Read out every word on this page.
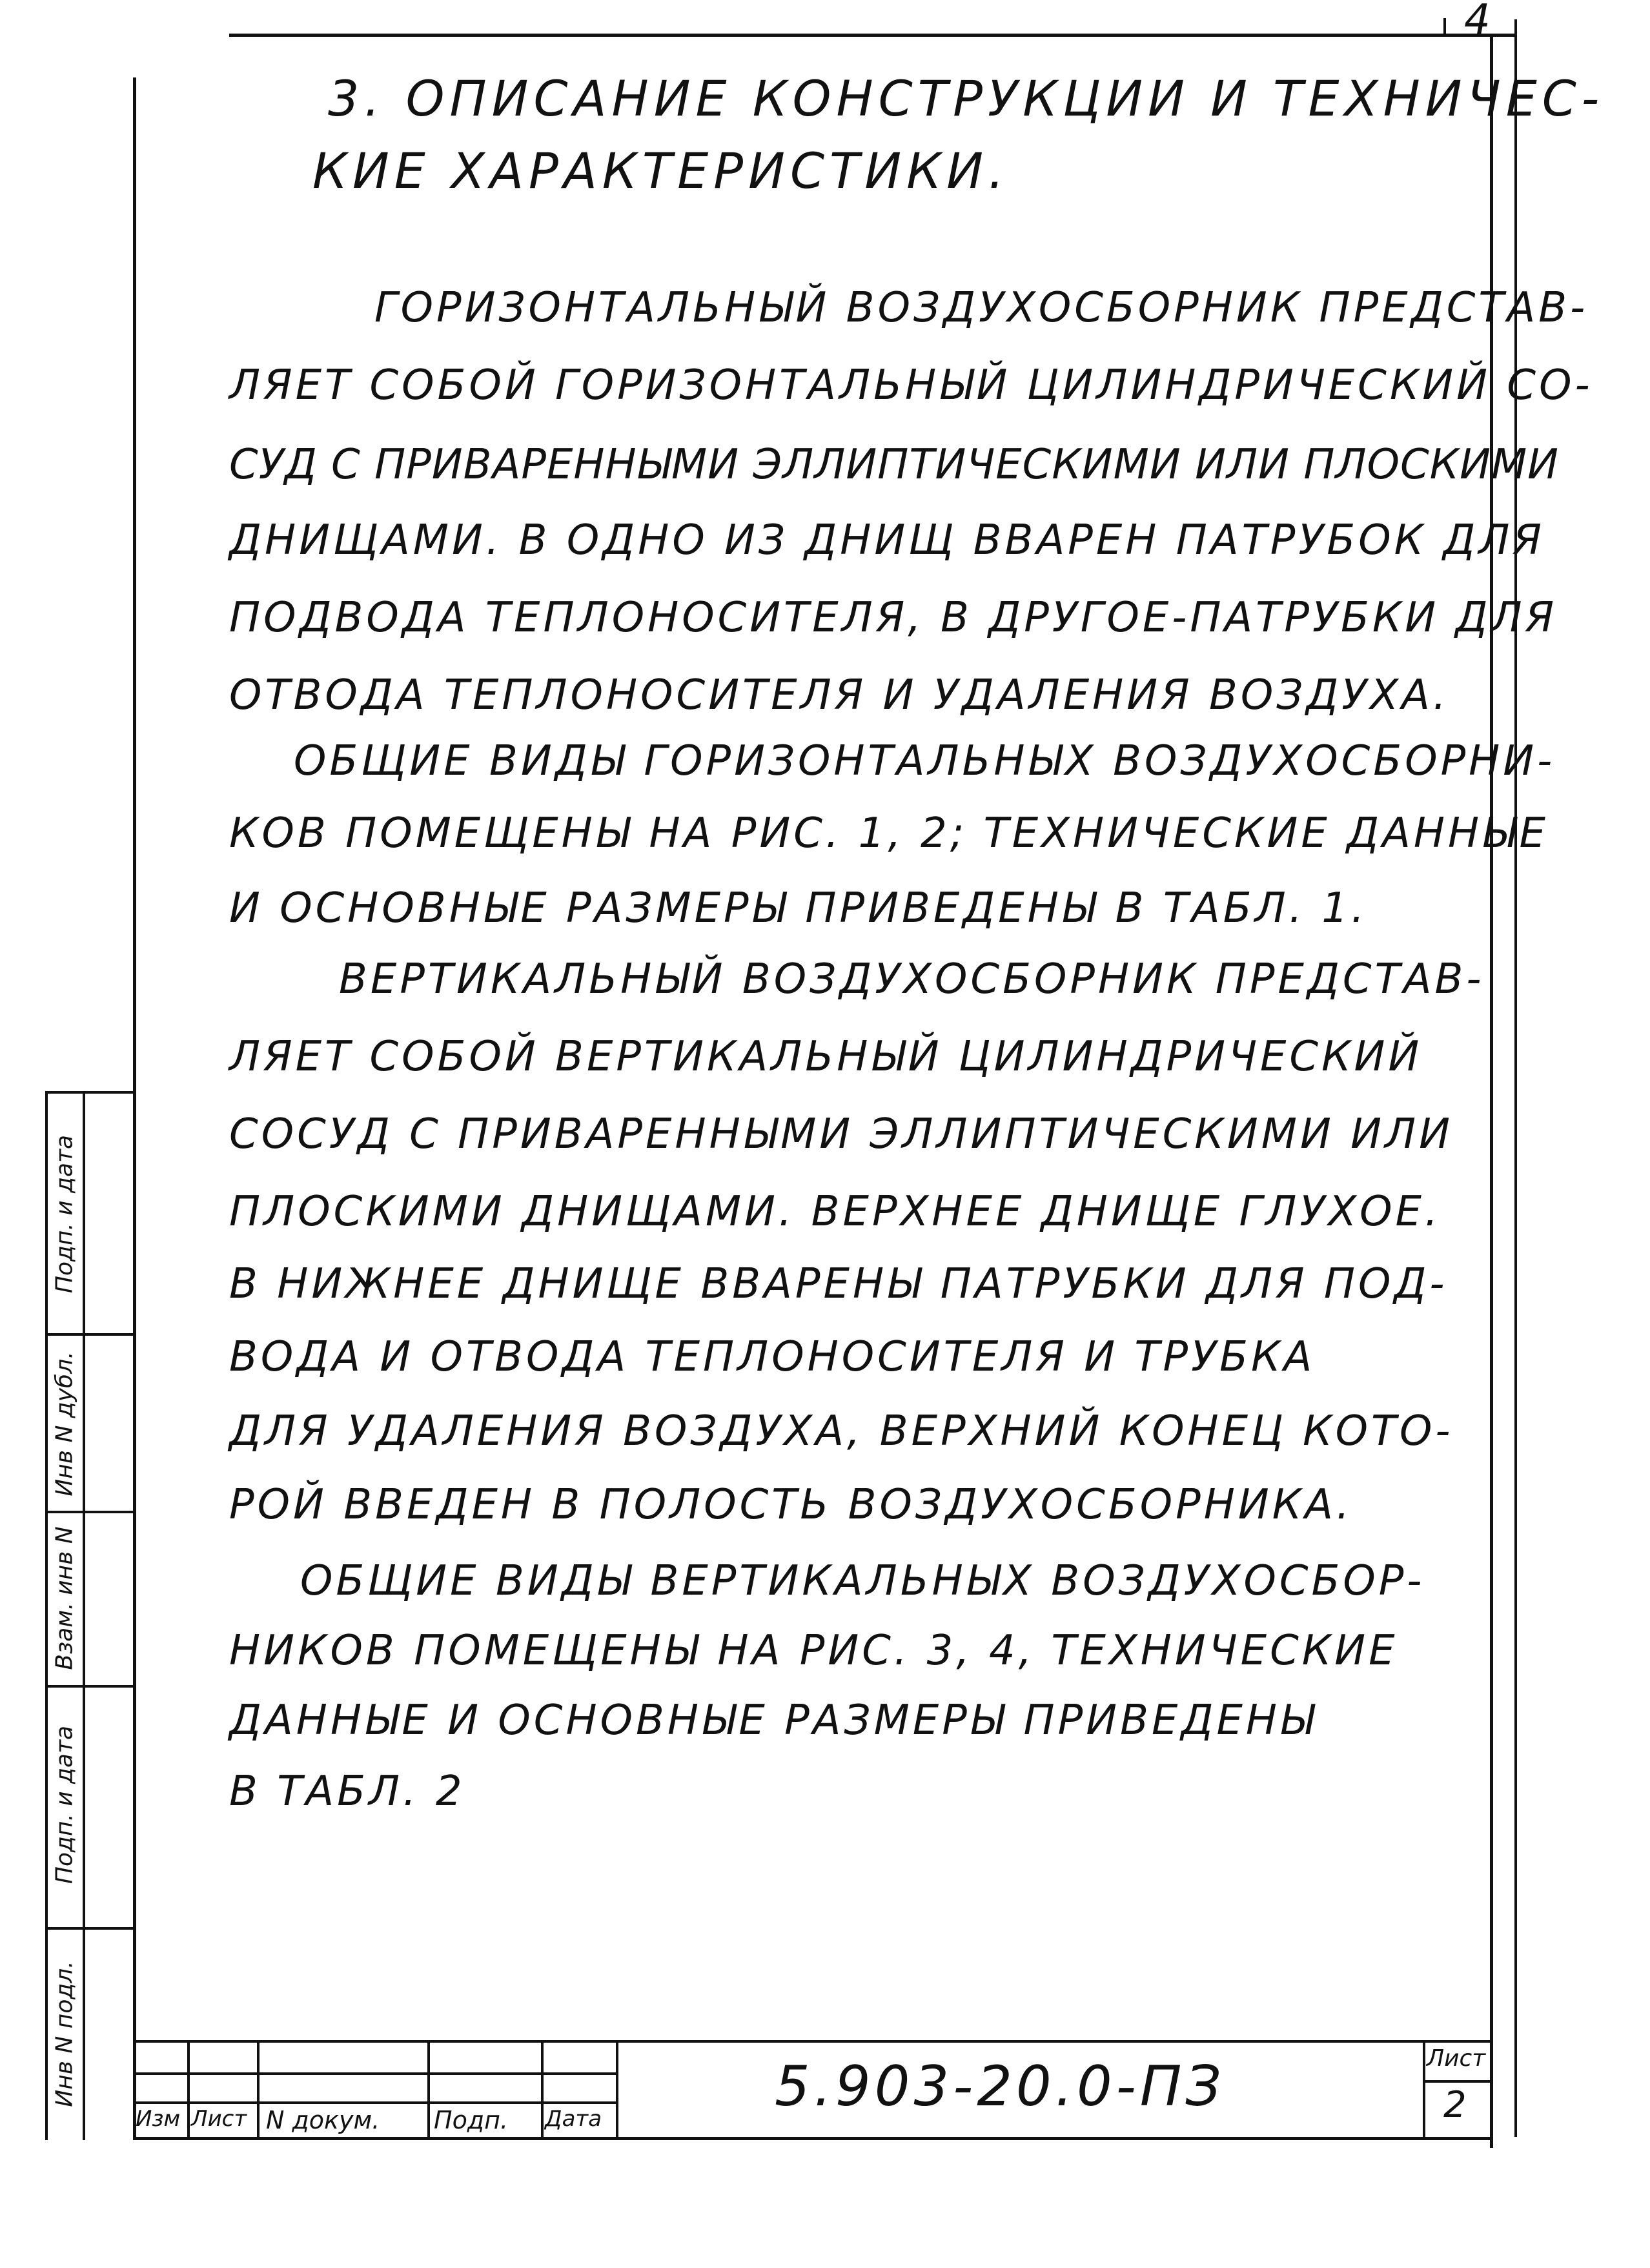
4
3. ОПИСАНИЕ КОНСТРУКЦИИ И ТЕХНИЧЕС-
КИЕ ХАРАКТЕРИСТИКИ.
ГОРИЗОНТАЛЬНЫЙ ВОЗДУХОСБОРНИК ПРЕДСТАВ-
ЛЯЕТ СОБОЙ ГОРИЗОНТАЛЬНЫЙ ЦИЛИНДРИЧЕСКИЙ СО-
СУД С ПРИВАРЕННЫМИ ЭЛЛИПТИЧЕСКИМИ ИЛИ ПЛОСКИМИ
ДНИЩАМИ. В ОДНО ИЗ ДНИЩ ВВАРЕН ПАТРУБОК ДЛЯ
ПОДВОДА ТЕПЛОНОСИТЕЛЯ, В ДРУГОЕ-ПАТРУБКИ ДЛЯ
ОТВОДА ТЕПЛОНОСИТЕЛЯ И УДАЛЕНИЯ ВОЗДУХА.
ОБЩИЕ ВИДЫ ГОРИЗОНТАЛЬНЫХ ВОЗДУХОСБОРНИ-
КОВ ПОМЕЩЕНЫ НА РИС. 1, 2; ТЕХНИЧЕСКИЕ ДАННЫЕ
И ОСНОВНЫЕ РАЗМЕРЫ ПРИВЕДЕНЫ В ТАБЛ. 1.
ВЕРТИКАЛЬНЫЙ ВОЗДУХОСБОРНИК ПРЕДСТАВ-
ЛЯЕТ СОБОЙ ВЕРТИКАЛЬНЫЙ ЦИЛИНДРИЧЕСКИЙ
СОСУД С ПРИВАРЕННЫМИ ЭЛЛИПТИЧЕСКИМИ ИЛИ
ПЛОСКИМИ ДНИЩАМИ. ВЕРХНЕЕ ДНИЩЕ ГЛУХОЕ.
В НИЖНЕЕ ДНИЩЕ ВВАРЕНЫ ПАТРУБКИ ДЛЯ ПОД-
ВОДА И ОТВОДА ТЕПЛОНОСИТЕЛЯ И ТРУБКА
ДЛЯ УДАЛЕНИЯ ВОЗДУХА, ВЕРХНИЙ КОНЕЦ КОТО-
РОЙ ВВЕДЕН В ПОЛОСТЬ ВОЗДУХОСБОРНИКА.
ОБЩИЕ ВИДЫ ВЕРТИКАЛЬНЫХ ВОЗДУХОСБОР-
НИКОВ ПОМЕЩЕНЫ НА РИС. 3, 4, ТЕХНИЧЕСКИЕ
ДАННЫЕ И ОСНОВНЫЕ РАЗМЕРЫ ПРИВЕДЕНЫ
В ТАБЛ. 2
Инв N подл.
Подп. и дата
Взам. инв N
Инв N дубл.
Подп. и дата
Изм Лист N докум. Подп. Дата	5.903-20.0-ПЗ	Лист
2
